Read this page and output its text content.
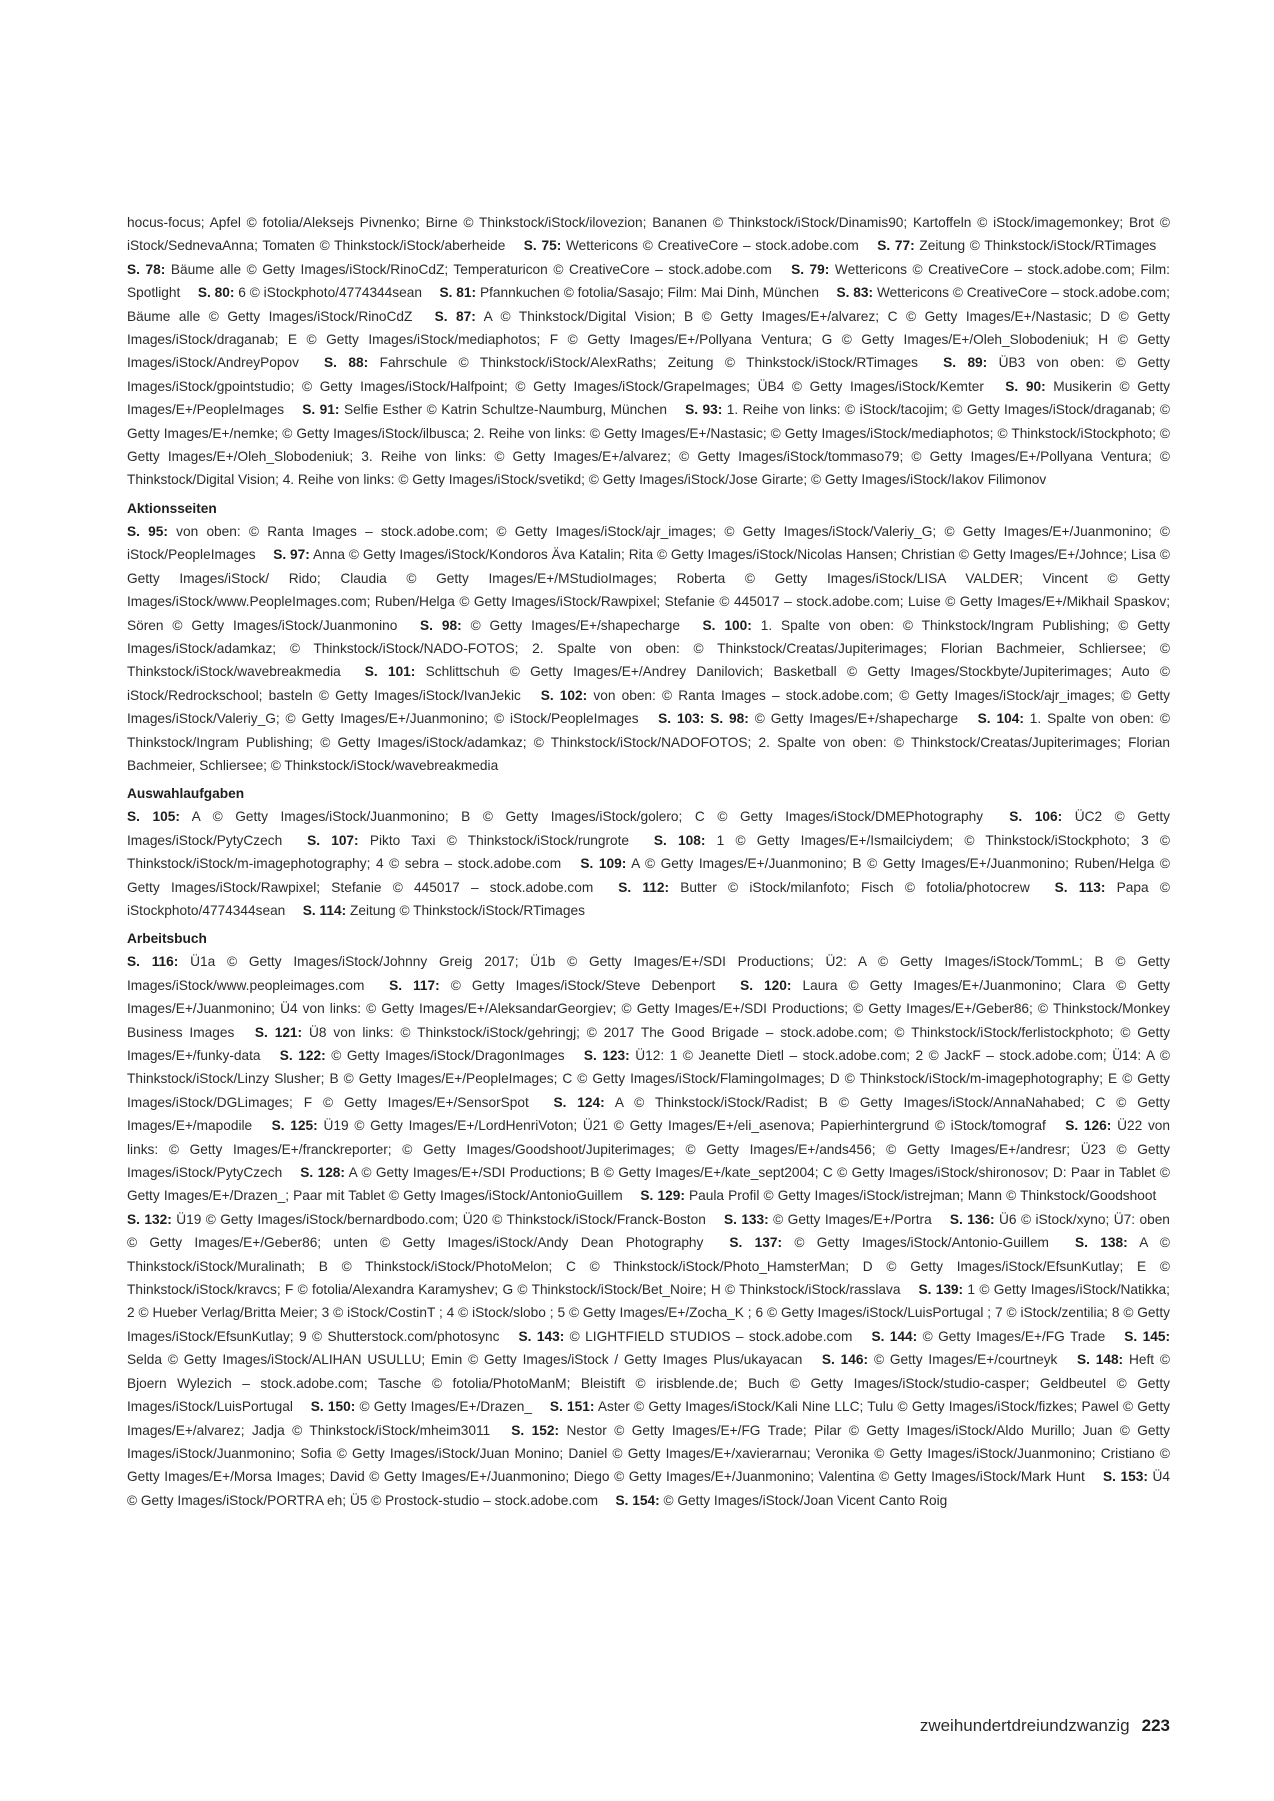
hocus-focus; Apfel © fotolia/Aleksejs Pivnenko; Birne © Thinkstock/iStock/ilovezion; Bananen © Thinkstock/iStock/Dinamis90; Kartoffeln © iStock/imagemonkey; Brot © iStock/SednevaAnna; Tomaten © Thinkstock/iStock/aberheide  S. 75: Wettericons © CreativeCore – stock.adobe.com  S. 77: Zeitung © Thinkstock/iStock/RTimages  S. 78: Bäume alle © Getty Images/iStock/RinoCdZ; Temperaturicon © CreativeCore – stock.adobe.com  S. 79: Wettericons © CreativeCore – stock.adobe.com; Film: Spotlight  S. 80: 6 © iStockphoto/4774344sean  S. 81: Pfannkuchen © fotolia/Sasajo; Film: Mai Dinh, München  S. 83: Wettericons © CreativeCore – stock.adobe.com; Bäume alle © Getty Images/iStock/RinoCdZ  S. 87: A © Thinkstock/Digital Vision; B © Getty Images/E+/alvarez; C © Getty Images/E+/Nastasic; D © Getty Images/iStock/draganab; E © Getty Images/iStock/mediaphotos; F © Getty Images/E+/Pollyana Ventura; G © Getty Images/E+/Oleh_Slobodeniuk; H © Getty Images/iStock/AndreyPopov  S. 88: Fahrschule © Thinkstock/iStock/AlexRaths; Zeitung © Thinkstock/iStock/RTimages  S. 89: ÜB3 von oben: © Getty Images/iStock/gpointstudio; © Getty Images/iStock/Halfpoint; © Getty Images/iStock/GrapeImages; ÜB4 © Getty Images/iStock/Kemter  S. 90: Musikerin © Getty Images/E+/PeopleImages  S. 91: Selfie Esther © Katrin Schultze-Naumburg, München  S. 93: 1. Reihe von links: © iStock/tacojim; © Getty Images/iStock/draganab; © Getty Images/E+/nemke; © Getty Images/iStock/ilbusca; 2. Reihe von links: © Getty Images/E+/Nastasic; © Getty Images/iStock/mediaphotos; © Thinkstock/iStockphoto; © Getty Images/E+/Oleh_Slobodeniuk; 3. Reihe von links: © Getty Images/E+/alvarez; © Getty Images/iStock/tommaso79; © Getty Images/E+/Pollyana Ventura; © Thinkstock/Digital Vision; 4. Reihe von links: © Getty Images/iStock/svetikd; © Getty Images/iStock/Jose Girarte; © Getty Images/iStock/Iakov Filimonov

Aktionsseiten

S. 95: von oben: © Ranta Images – stock.adobe.com; © Getty Images/iStock/ajr_images; © Getty Images/iStock/Valeriy_G; © Getty Images/E+/Juanmonino; © iStock/PeopleImages  S. 97: Anna © Getty Images/iStock/Kondoros Äva Katalin; Rita © Getty Images/iStock/Nicolas Hansen; Christian © Getty Images/E+/Johnce; Lisa © Getty Images/iStock/ Rido; Claudia © Getty Images/E+/MStudioImages; Roberta © Getty Images/iStock/LISA VALDER; Vincent © Getty Images/iStock/www.PeopleImages.com; Ruben/Helga © Getty Images/iStock/Rawpixel; Stefanie © 445017 – stock.adobe.com; Luise © Getty Images/E+/Mikhail Spaskov; Sören © Getty Images/iStock/Juanmonino  S. 98: © Getty Images/E+/shapecharge  S. 100: 1. Spalte von oben: © Thinkstock/Ingram Publishing; © Getty Images/iStock/adamkaz; © Thinkstock/iStock/NADO-FOTOS; 2. Spalte von oben: © Thinkstock/Creatas/Jupiterimages; Florian Bachmeier, Schliersee; © Thinkstock/iStock/wavebreakmedia  S. 101: Schlittschuh © Getty Images/E+/Andrey Danilovich; Basketball © Getty Images/Stockbyte/Jupiterimages; Auto © iStock/Redrockschool; basteln © Getty Images/iStock/IvanJekic  S. 102: von oben: © Ranta Images – stock.adobe.com; © Getty Images/iStock/ajr_images; © Getty Images/iStock/Valeriy_G; © Getty Images/E+/Juanmonino; © iStock/PeopleImages  S. 103: S. 98: © Getty Images/E+/shapecharge  S. 104: 1. Spalte von oben: © Thinkstock/Ingram Publishing; © Getty Images/iStock/adamkaz; © Thinkstock/iStock/NADOFOTOS; 2. Spalte von oben: © Thinkstock/Creatas/Jupiterimages; Florian Bachmeier, Schliersee; © Thinkstock/iStock/wavebreakmedia

Auswahlaufgaben

S. 105: A © Getty Images/iStock/Juanmonino; B © Getty Images/iStock/golero; C © Getty Images/iStock/DMEPhotography  S. 106: ÜC2 © Getty Images/iStock/PytyCzech  S. 107: Pikto Taxi © Thinkstock/iStock/rungrote  S. 108: 1 © Getty Images/E+/Ismailciydem; © Thinkstock/iStockphoto; 3 © Thinkstock/iStock/m-imagephotography; 4 © sebra – stock.adobe.com  S. 109: A © Getty Images/E+/Juanmonino; B © Getty Images/E+/Juanmonino; Ruben/Helga © Getty Images/iStock/Rawpixel; Stefanie © 445017 – stock.adobe.com  S. 112: Butter © iStock/milanfoto; Fisch © fotolia/photocrew  S. 113: Papa © iStockphoto/4774344sean  S. 114: Zeitung © Thinkstock/iStock/RTimages

Arbeitsbuch

S. 116: Ü1a © Getty Images/iStock/Johnny Greig 2017; Ü1b © Getty Images/E+/SDI Productions; Ü2: A © Getty Images/iStock/TommL; B © Getty Images/iStock/www.peopleimages.com  S. 117: © Getty Images/iStock/Steve Debenport  S. 120: Laura © Getty Images/E+/Juanmonino; Clara © Getty Images/E+/Juanmonino; Ü4 von links: © Getty Images/E+/AleksandarGeorgiev; © Getty Images/E+/SDI Productions; © Getty Images/E+/Geber86; © Thinkstock/Monkey Business Images  S. 121: Ü8 von links: © Thinkstock/iStock/gehringj; © 2017 The Good Brigade – stock.adobe.com; © Thinkstock/iStock/ferlistockphoto; © Getty Images/E+/funky-data  S. 122: © Getty Images/iStock/DragonImages  S. 123: Ü12: 1 © Jeanette Dietl – stock.adobe.com; 2 © JackF – stock.adobe.com; Ü14: A © Thinkstock/iStock/Linzy Slusher; B © Getty Images/E+/PeopleImages; C © Getty Images/iStock/FlamingoImages; D © Thinkstock/iStock/m-imagephotography; E © Getty Images/iStock/DGLimages; F © Getty Images/E+/SensorSpot  S. 124: A © Thinkstock/iStock/Radist; B © Getty Images/iStock/AnnaNahabed; C © Getty Images/E+/mapodile  S. 125: Ü19 © Getty Images/E+/LordHenriVoton; Ü21 © Getty Images/E+/eli_asenova; Papierhintergrund © iStock/tomograf  S. 126: Ü22 von links: © Getty Images/E+/franckreporter; © Getty Images/Goodshoot/Jupiterimages; © Getty Images/E+/ands456; © Getty Images/E+/andresr; Ü23 © Getty Images/iStock/PytyCzech  S. 128: A © Getty Images/E+/SDI Productions; B © Getty Images/E+/kate_sept2004; C © Getty Images/iStock/shironosov; D: Paar in Tablet © Getty Images/E+/Drazen_; Paar mit Tablet © Getty Images/iStock/AntonioGuillem  S. 129: Paula Profil © Getty Images/iStock/istrejman; Mann © Thinkstock/Goodshoot  S. 132: Ü19 © Getty Images/iStock/bernardbodo.com; Ü20 © Thinkstock/iStock/Franck-Boston  S. 133: © Getty Images/E+/Portra  S. 136: Ü6 © iStock/xyno; Ü7: oben © Getty Images/E+/Geber86; unten © Getty Images/iStock/Andy Dean Photography  S. 137: © Getty Images/iStock/Antonio-Guillem  S. 138: A © Thinkstock/iStock/Muralinath; B © Thinkstock/iStock/PhotoMelon; C © Thinkstock/iStock/Photo_HamsterMan; D © Getty Images/iStock/EfsunKutlay; E © Thinkstock/iStock/kravcs; F © fotolia/Alexandra Karamyshev; G © Thinkstock/iStock/Bet_Noire; H © Thinkstock/iStock/rasslava  S. 139: 1 © Getty Images/iStock/Natikka; 2 © Hueber Verlag/Britta Meier; 3 © iStock/CostinT ; 4 © iStock/slobo ; 5 © Getty Images/E+/Zocha_K ; 6 © Getty Images/iStock/LuisPortugal ; 7 © iStock/zentilia; 8 © Getty Images/iStock/EfsunKutlay; 9 © Shutterstock.com/photosync  S. 143: © LIGHTFIELD STUDIOS – stock.adobe.com  S. 144: © Getty Images/E+/FG Trade  S. 145: Selda © Getty Images/iStock/ALIHAN USULLU; Emin © Getty Images/iStock / Getty Images Plus/ukayacan  S. 146: © Getty Images/E+/courtneyk  S. 148: Heft © Bjoern Wylezich – stock.adobe.com; Tasche © fotolia/PhotoManM; Bleistift © irisblende.de; Buch © Getty Images/iStock/studio-casper; Geldbeutel © Getty Images/iStock/LuisPortugal  S. 150: © Getty Images/E+/Drazen_  S. 151: Aster © Getty Images/iStock/Kali Nine LLC; Tulu © Getty Images/iStock/fizkes; Pawel © Getty Images/E+/alvarez; Jadja © Thinkstock/iStock/mheim3011  S. 152: Nestor © Getty Images/E+/FG Trade; Pilar © Getty Images/iStock/Aldo Murillo; Juan © Getty Images/iStock/Juanmonino; Sofia © Getty Images/iStock/Juan Monino; Daniel © Getty Images/E+/xavierarnau; Veronika © Getty Images/iStock/Juanmonino; Cristiano © Getty Images/E+/Morsa Images; David © Getty Images/E+/Juanmonino; Diego © Getty Images/E+/Juanmonino; Valentina © Getty Images/iStock/Mark Hunt  S. 153: Ü4 © Getty Images/iStock/PORTRA eh; Ü5 © Prostock-studio – stock.adobe.com  S. 154: © Getty Images/iStock/Joan Vicent Canto Roig

zweihundertdreiundzwanzig 223
